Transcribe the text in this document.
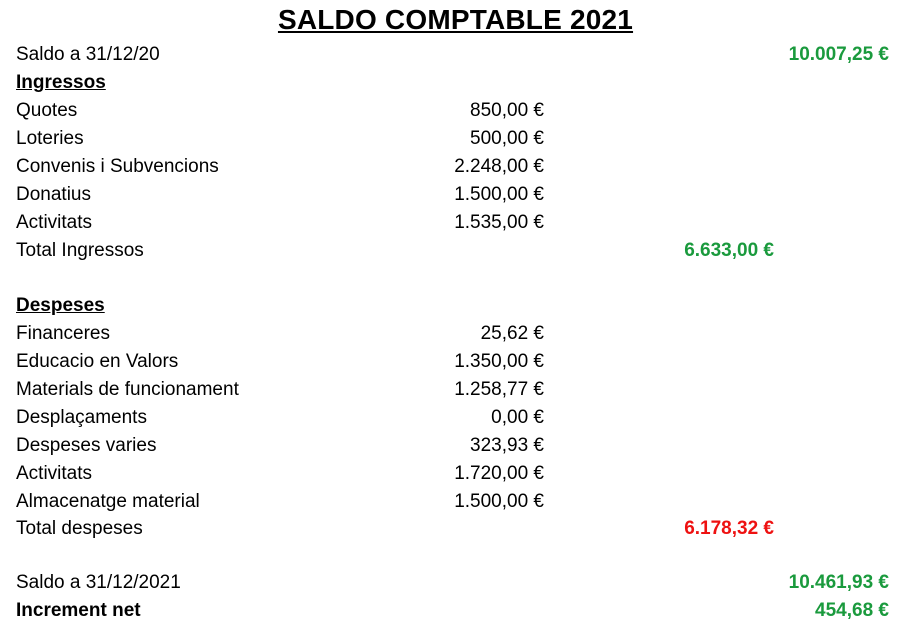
SALDO COMPTABLE 2021
Saldo a 31/12/20	10.007,25 €
Ingressos
Quotes	850,00 €
Loteries	500,00 €
Convenis i Subvencions	2.248,00 €
Donatius	1.500,00 €
Activitats	1.535,00 €
Total Ingressos	6.633,00 €
Despeses
Financeres	25,62 €
Educacio en Valors	1.350,00 €
Materials de funcionament	1.258,77 €
Desplaçaments	0,00 €
Despeses varies	323,93 €
Activitats	1.720,00 €
Almacenatge material	1.500,00 €
Total despeses	6.178,32 €
Saldo a 31/12/2021	10.461,93 €
Increment net	454,68 €
